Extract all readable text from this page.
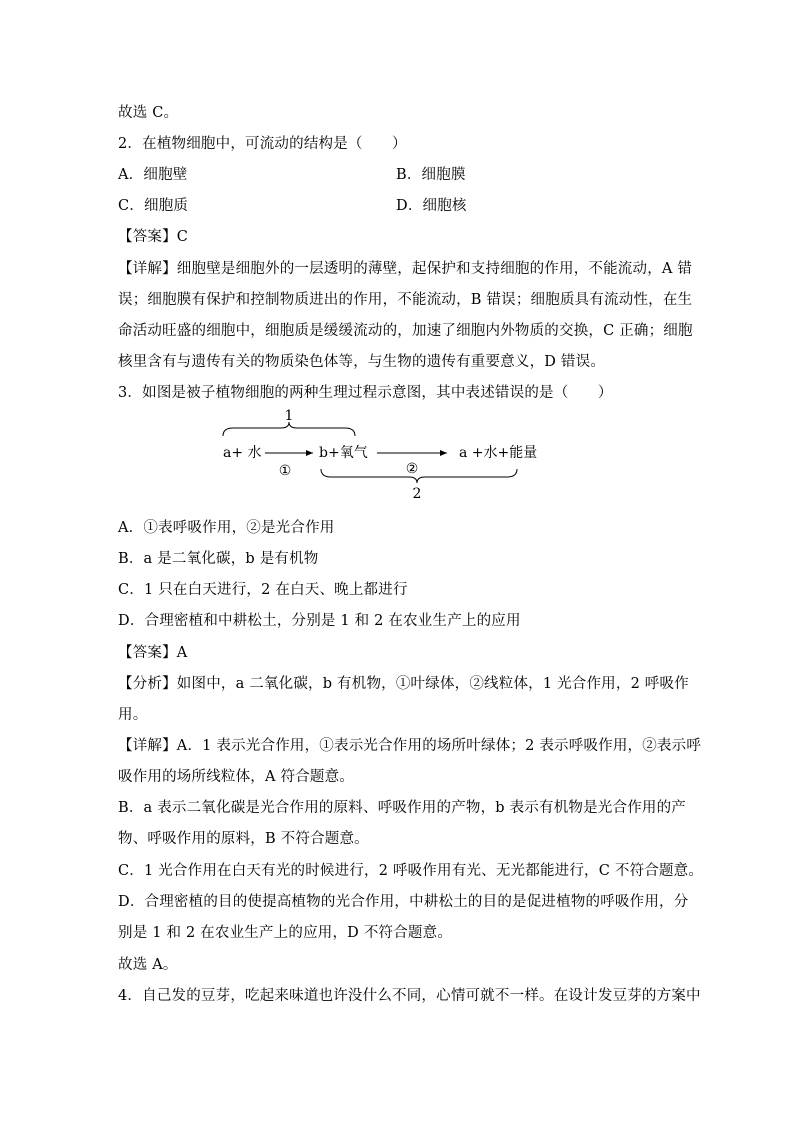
故选 C。
2．在植物细胞中，可流动的结构是（　　）
A．细胞壁	B．细胞膜
C．细胞质	D．细胞核
【答案】C
【详解】细胞壁是细胞外的一层透明的薄壁，起保护和支持细胞的作用，不能流动，A 错
误；细胞膜有保护和控制物质进出的作用，不能流动，B 错误；细胞质具有流动性，在生
命活动旺盛的细胞中，细胞质是缓缓流动的，加速了细胞内外物质的交换，C 正确；细胞
核里含有与遗传有关的物质染色体等，与生物的遗传有重要意义，D 错误。
3．如图是被子植物细胞的两种生理过程示意图，其中表述错误的是（　　）
1
a+ 水
①
b+氧气
②
a +水+能量
2
A．①表呼吸作用，②是光合作用
B．a 是二氧化碳，b 是有机物
C．1 只在白天进行，2 在白天、晚上都进行
D．合理密植和中耕松土，分别是 1 和 2 在农业生产上的应用
【答案】A
【分析】如图中，a 二氧化碳，b 有机物，①叶绿体，②线粒体，1 光合作用，2 呼吸作
用。
【详解】A．1 表示光合作用，①表示光合作用的场所叶绿体；2 表示呼吸作用，②表示呼
吸作用的场所线粒体，A 符合题意。
B．a 表示二氧化碳是光合作用的原料、呼吸作用的产物，b 表示有机物是光合作用的产
物、呼吸作用的原料，B 不符合题意。
C．1 光合作用在白天有光的时候进行，2 呼吸作用有光、无光都能进行，C 不符合题意。
D．合理密植的目的使提高植物的光合作用，中耕松土的目的是促进植物的呼吸作用，分
别是 1 和 2 在农业生产上的应用，D 不符合题意。
故选 A。
4．自己发的豆芽，吃起来味道也许没什么不同，心情可就不一样。在设计发豆芽的方案中
